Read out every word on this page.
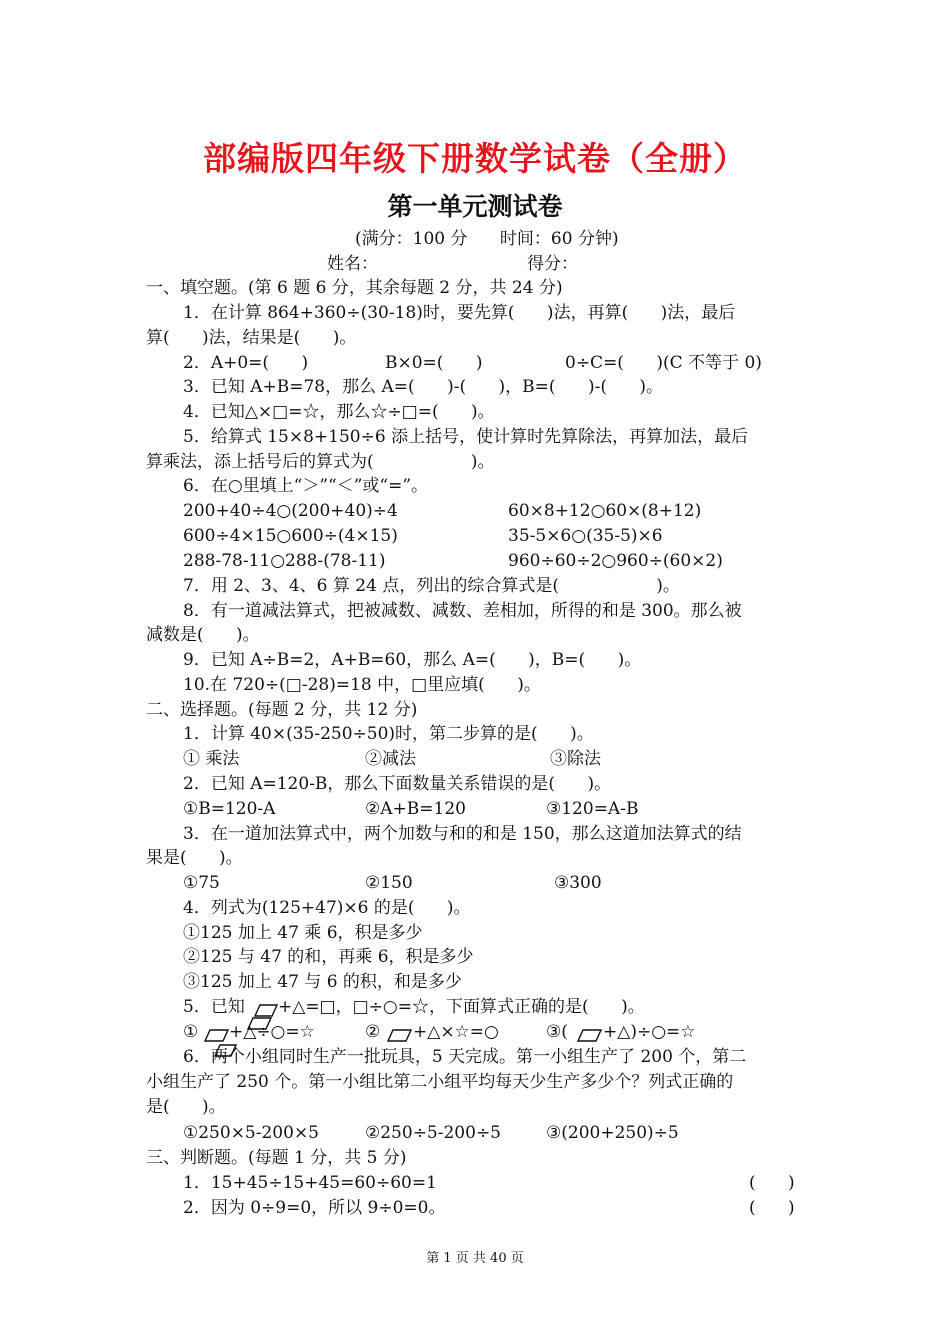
部编版四年级下册数学试卷（全册）
第一单元测试卷
(满分：100 分      时间：60 分钟)
姓名：	得分：
一、填空题。(第 6 题 6 分，其余每题 2 分，共 24 分)
1．在计算 864+360÷(30-18)时，要先算(      )法，再算(      )法，最后
算(      )法，结果是(      )。
2．A+0=(      )	B×0=(      )	0÷C=(      )(C 不等于 0)
3．已知 A+B=78，那么 A=(      )-(      )，B=(      )-(      )。
4．已知△×□=☆，那么☆÷□=(      )。
5．给算式 15×8+150÷6 添上括号，使计算时先算除法，再算加法，最后
算乘法，添上括号后的算式为(                  )。
6．在○里填上“＞”“＜”或“=”。
200+40÷4○(200+40)÷4	60×8+12○60×(8+12)
600÷4×15○600÷(4×15)	35-5×6○(35-5)×6
288-78-11○288-(78-11)	960÷60÷2○960÷(60×2)
7．用 2、3、4、6 算 24 点，列出的综合算式是(                  )。
8．有一道减法算式，把被减数、减数、差相加，所得的和是 300。那么被
减数是(      )。
9．已知 A÷B=2，A+B=60，那么 A=(      )，B=(      )。
10.在 720÷(□-28)=18 中，□里应填(      )。
二、选择题。(每题 2 分，共 12 分)
1．计算 40×(35-250÷50)时，第二步算的是(      )。
① 乘法	②减法	③除法
2．已知 A=120-B，那么下面数量关系错误的是(      )。
①B=120-A	②A+B=120	③120=A-B
3．在一道加法算式中，两个加数与和的和是 150，那么这道加法算式的结
果是(      )。
①75	②150	③300
4．列式为(125+47)×6 的是(      )。
①125 加上 47 乘 6，积是多少
②125 与 47 的和，再乘 6，积是多少
③125 加上 47 与 6 的积，和是多少
5．已知 +△=□，□÷○=☆，下面算式正确的是(      )。
① +△÷○=☆	② +△×☆=○	③( +△)÷○=☆
6．两个小组同时生产一批玩具，5 天完成。第一小组生产了 200 个，第二
小组生产了 250 个。第一小组比第二小组平均每天少生产多少个？列式正确的
是(      )。
①250×5-200×5	②250÷5-200÷5	③(200+250)÷5
三、判断题。(每题 1 分，共 5 分)
1．15+45÷15+45=60÷60=1	(      )
2．因为 0÷9=0，所以 9÷0=0。	(      )
第 1 页 共 40 页
